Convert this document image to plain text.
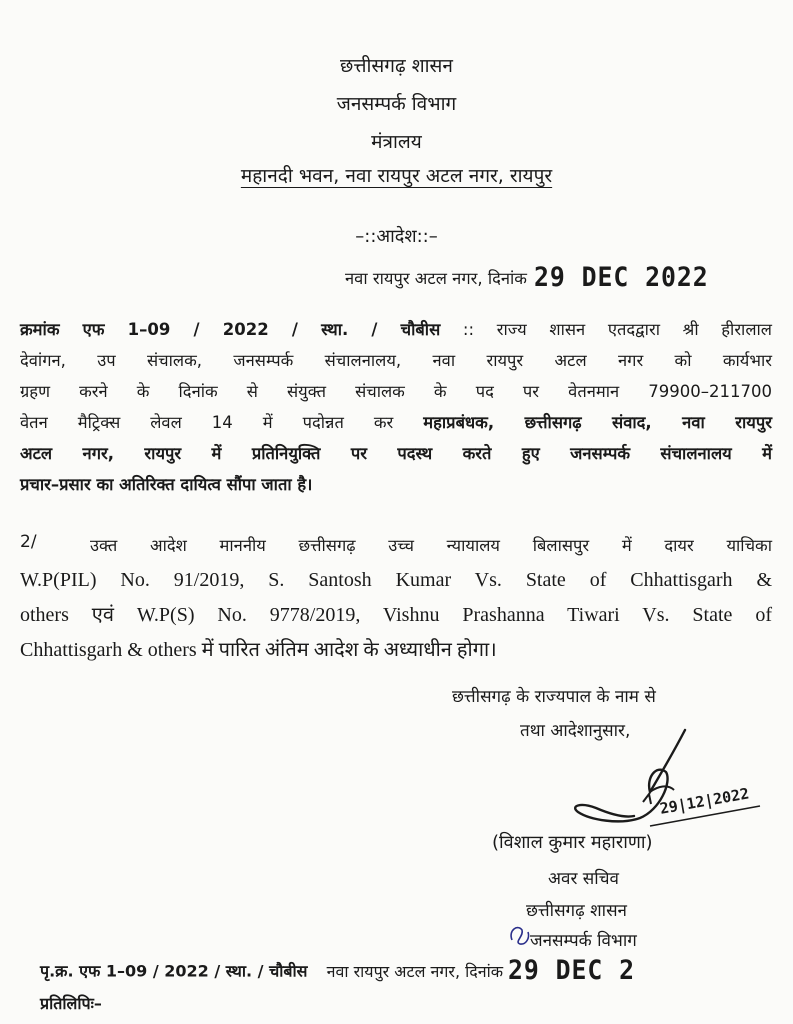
छत्तीसगढ़ शासन
जनसम्पर्क विभाग
मंत्रालय
महानदी भवन, नवा रायपुर अटल नगर, रायपुर
–::आदेश::–
नवा रायपुर अटल नगर, दिनांक 29 DEC 2022
क्रमांक एफ 1–09 / 2022 / स्था. / चौबीस :: राज्य शासन एतदद्वारा श्री हीरालाल
देवांगन, उप संचालक, जनसम्पर्क संचालनालय, नवा रायपुर अटल नगर को कार्यभार
ग्रहण करने के दिनांक से संयुक्त संचालक के पद पर वेतनमान 79900–211700
वेतन मैट्रिक्स लेवल 14 में पदोन्नत कर महाप्रबंधक, छत्तीसगढ़ संवाद, नवा रायपुर
अटल नगर, रायपुर में प्रतिनियुक्ति पर पदस्थ करते हुए जनसम्पर्क संचालनालय में
प्रचार–प्रसार का अतिरिक्त दायित्व सौंपा जाता है।
2/	उक्त आदेश माननीय छत्तीसगढ़ उच्च न्यायालय बिलासपुर में दायर याचिका
W.P(PIL) No. 91/2019, S. Santosh Kumar Vs. State of Chhattisgarh &
others एवं W.P(S) No. 9778/2019, Vishnu Prashanna Tiwari Vs. State of
Chhattisgarh & others में पारित अंतिम आदेश के अध्याधीन होगा।
छत्तीसगढ़ के राज्यपाल के नाम से
तथा आदेशानुसार,
29|12|2022
(विशाल कुमार महाराणा)
अवर सचिव
छत्तीसगढ़ शासन
जनसम्पर्क विभाग
पृ.क्र. एफ 1–09 / 2022 / स्था. / चौबीस नवा रायपुर अटल नगर, दिनांक 29 DEC 2
प्रतिलिपिः–
